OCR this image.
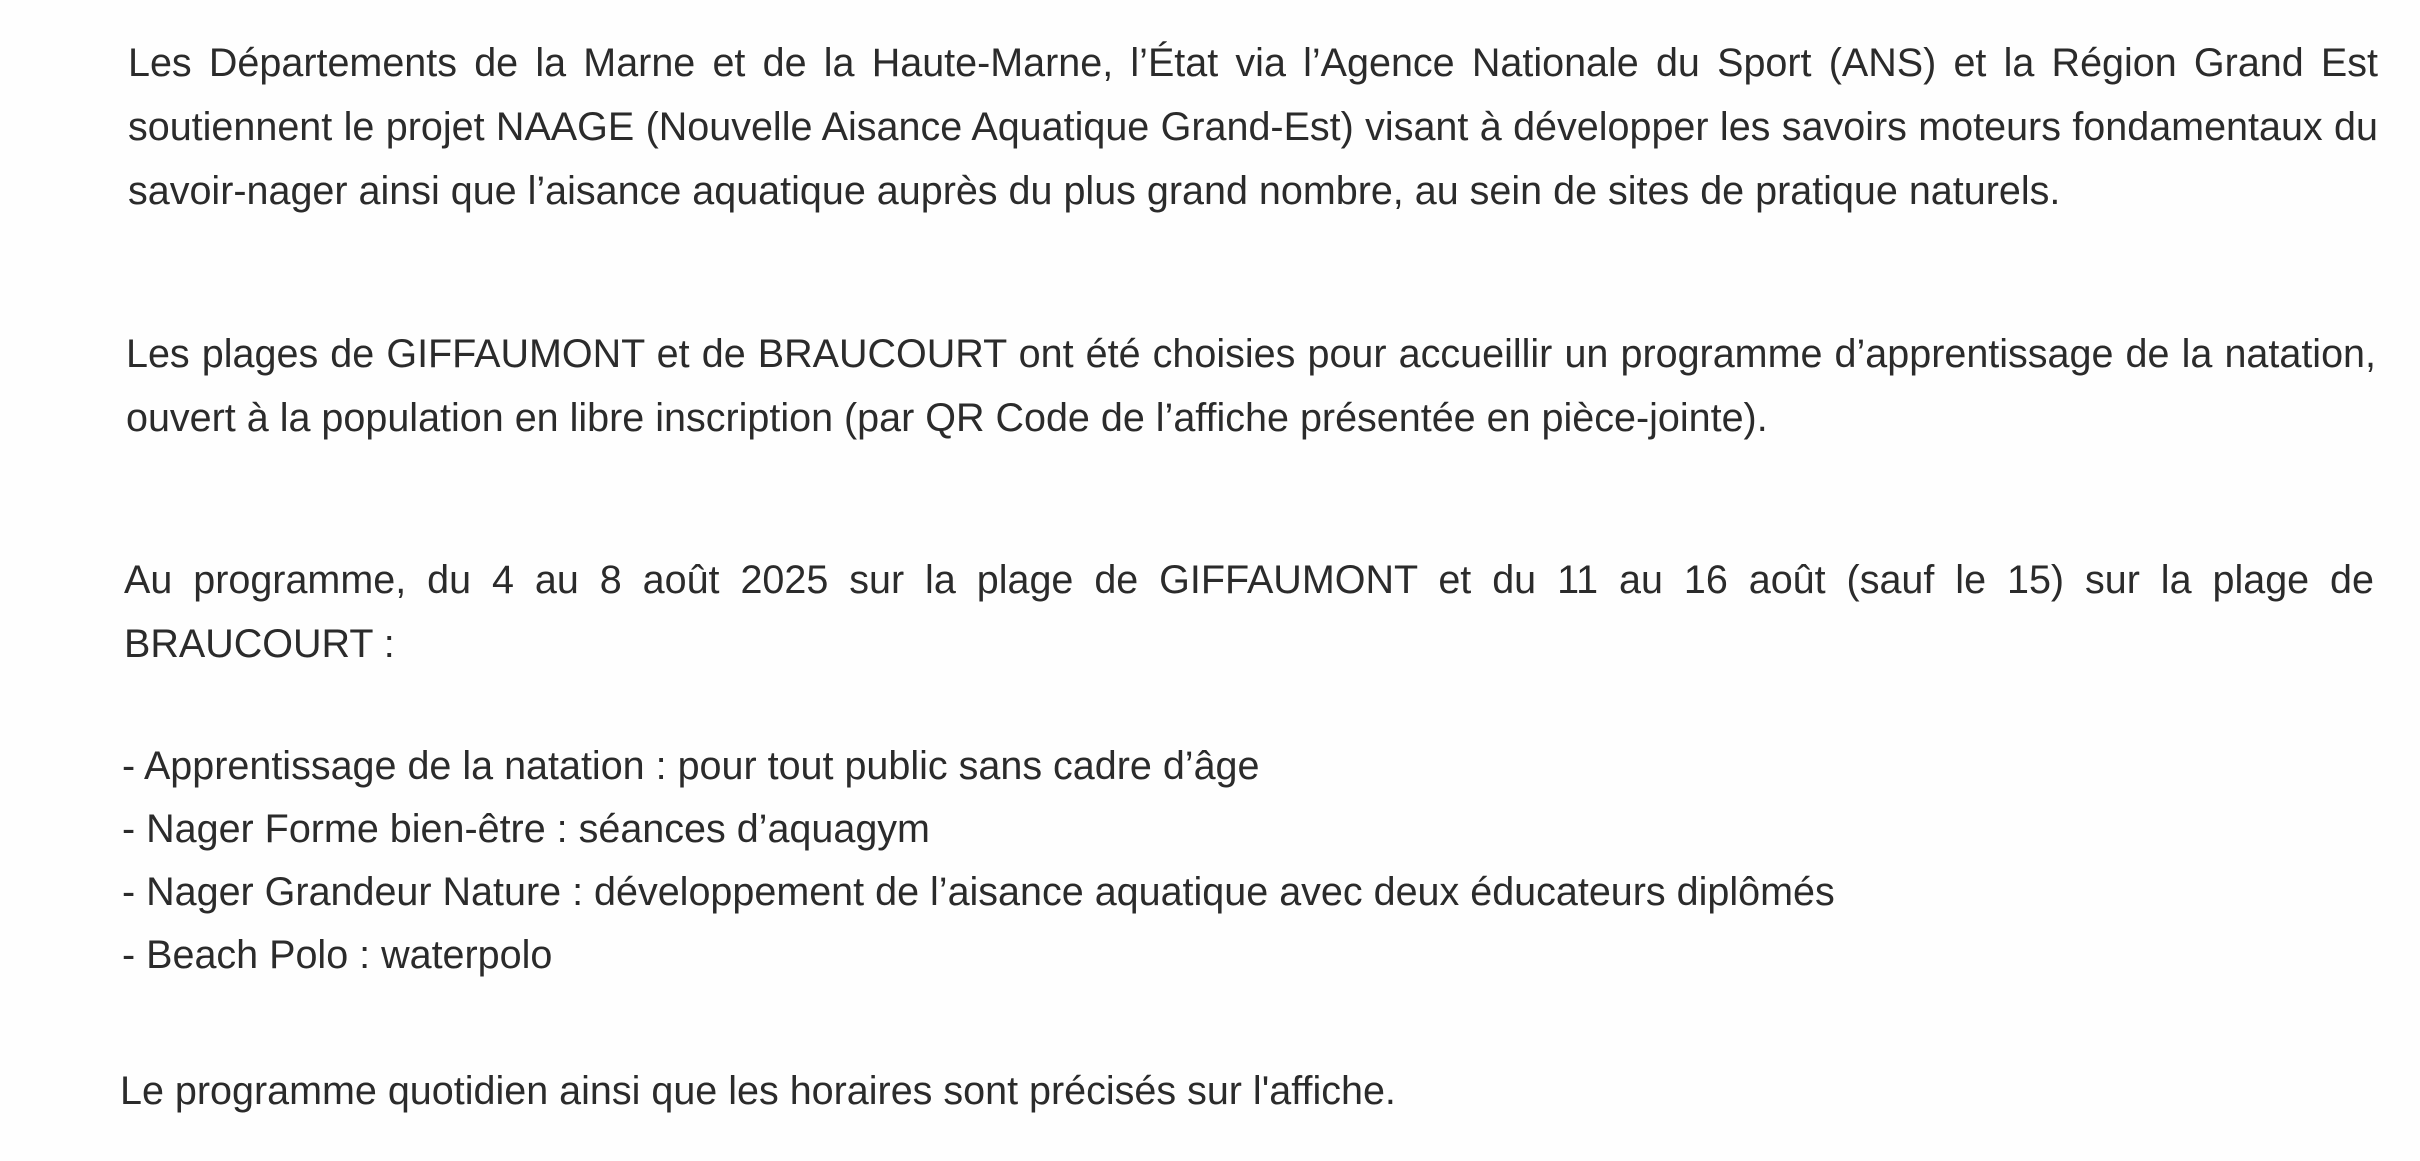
Les Départements de la Marne et de la Haute-Marne, l’État via l’Agence Nationale du Sport (ANS) et la Région Grand Est soutiennent le projet NAAGE (Nouvelle Aisance Aquatique Grand-Est) visant à développer les savoirs moteurs fondamentaux du savoir-nager ainsi que l’aisance aquatique auprès du plus grand nombre, au sein de sites de pratique naturels.

Les plages de GIFFAUMONT et de BRAUCOURT ont été choisies pour accueillir un programme d’apprentissage de la natation, ouvert à la population en libre inscription (par QR Code de l’affiche présentée en pièce-jointe).

Au programme, du 4 au 8 août 2025 sur la plage de GIFFAUMONT et du 11 au 16 août (sauf le 15) sur la plage de BRAUCOURT :

- Apprentissage de la natation : pour tout public sans cadre d’âge
- Nager Forme bien-être : séances d’aquagym
- Nager Grandeur Nature : développement de l’aisance aquatique avec deux éducateurs diplômés
- Beach Polo : waterpolo

Le programme quotidien ainsi que les horaires sont précisés sur l'affiche.
